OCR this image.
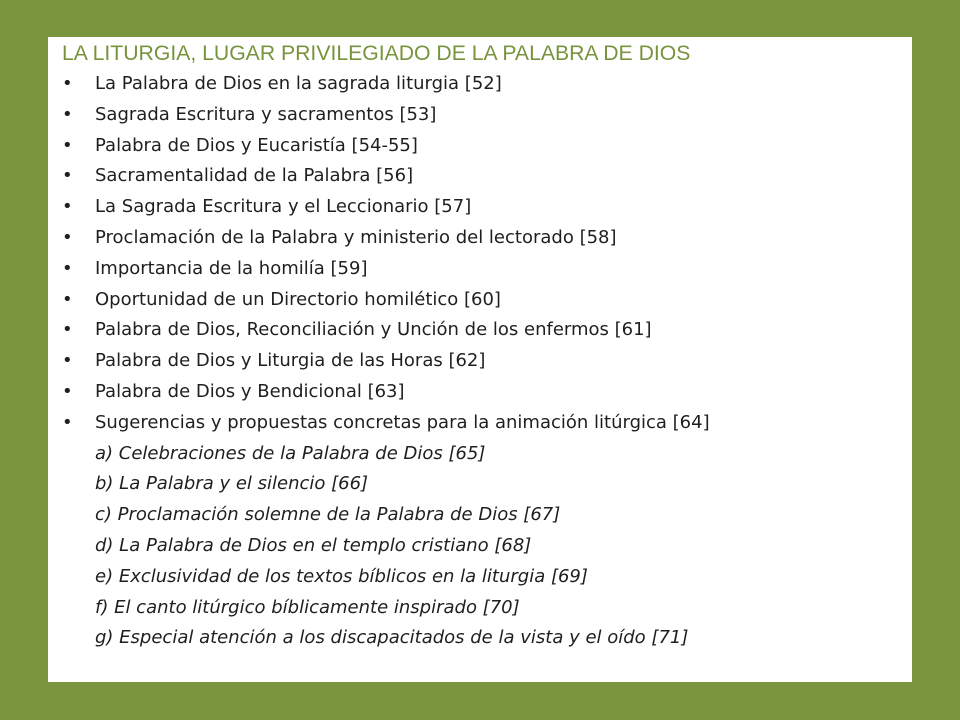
LA LITURGIA, LUGAR PRIVILEGIADO DE LA PALABRA DE DIOS
• La Palabra de Dios en la sagrada liturgia [52]
• Sagrada Escritura y sacramentos [53]
• Palabra de Dios y Eucaristía [54-55]
• Sacramentalidad de la Palabra [56]
• La Sagrada Escritura y el Leccionario [57]
• Proclamación de la Palabra y ministerio del lectorado [58]
• Importancia de la homilía [59]
• Oportunidad de un Directorio homilético [60]
• Palabra de Dios, Reconciliación y Unción de los enfermos [61]
• Palabra de Dios y Liturgia de las Horas [62]
• Palabra de Dios y Bendicional [63]
• Sugerencias y propuestas concretas para la animación litúrgica [64]
a) Celebraciones de la Palabra de Dios [65]
b) La Palabra y el silencio [66]
c) Proclamación solemne de la Palabra de Dios [67]
d) La Palabra de Dios en el templo cristiano [68]
e) Exclusividad de los textos bíblicos en la liturgia [69]
f) El canto litúrgico bíblicamente inspirado [70]
g) Especial atención a los discapacitados de la vista y el oído [71]
